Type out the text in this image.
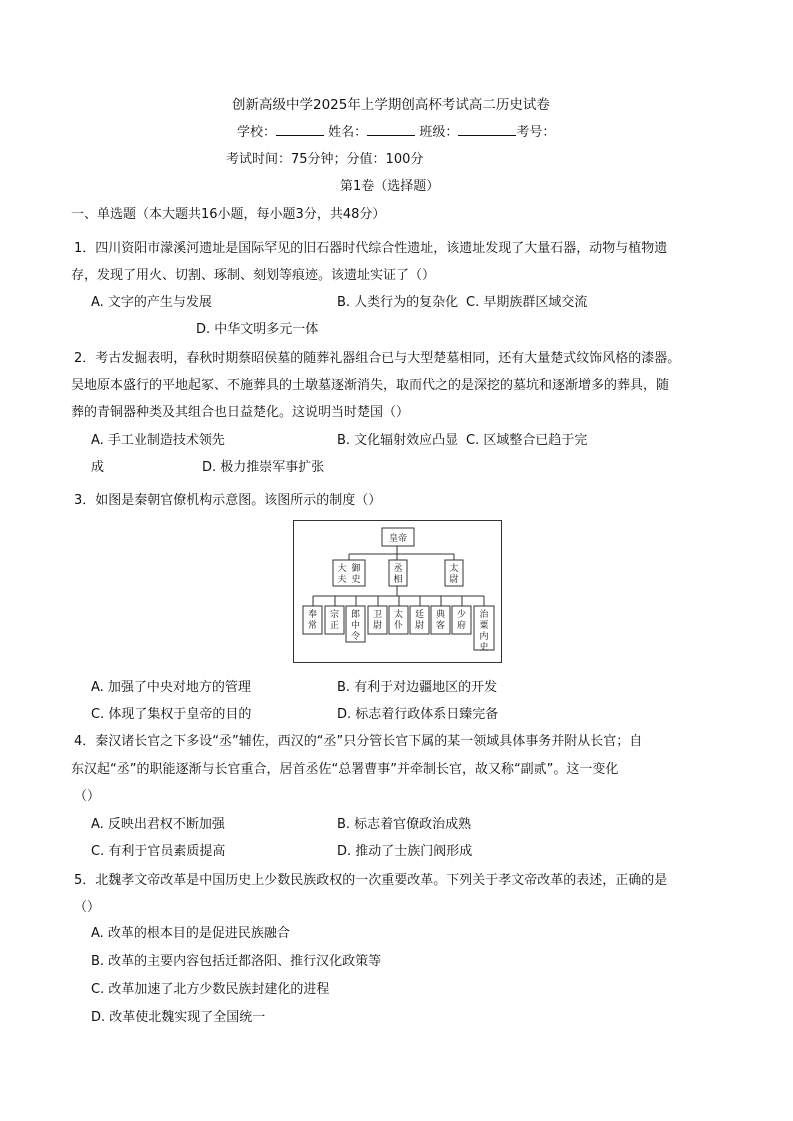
创新高级中学2025年上学期创高杯考试高二历史试卷
学校：	姓名：	班级：	考号：
考试时间：75分钟；分值：100分
第1卷（选择题）
一、单选题（本大题共16小题，每小题3分，共48分）
1．四川资阳市濛溪河遗址是国际罕见的旧石器时代综合性遗址，该遗址发现了大量石器，动物与植物遗
存，发现了用火、切割、琢制、刻划等痕迹。该遗址实证了（）
A. 文字的产生与发展	B. 人类行为的复杂化 C. 早期族群区域交流
D. 中华文明多元一体
2．考古发掘表明，春秋时期蔡昭侯墓的随葬礼器组合已与大型楚墓相同，还有大量楚式纹饰风格的漆器。
吴地原本盛行的平地起冢、不施葬具的土墩墓逐渐消失，取而代之的是深挖的墓坑和逐渐增多的葬具，随
葬的青铜器种类及其组合也日益楚化。这说明当时楚国（）
A. 手工业制造技术领先	B. 文化辐射效应凸显 C. 区域整合已趋于完
成	D. 极力推崇军事扩张
3．如图是秦朝官僚机构示意图。该图所示的制度（）
皇帝
大夫御史
丞相
太尉
奉常
宗正
郎中令
卫尉
太仆
廷尉
典客
少府
治粟内史
A. 加强了中央对地方的管理	B. 有利于对边疆地区的开发
C. 体现了集权于皇帝的目的	D. 标志着行政体系日臻完备
4．秦汉诸长官之下多设“丞”辅佐，西汉的“丞”只分管长官下属的某一领域具体事务并附从长官；自
东汉起“丞”的职能逐渐与长官重合，居首丞佐“总署曹事”并牵制长官，故又称“副贰”。这一变化
（）
A. 反映出君权不断加强	B. 标志着官僚政治成熟
C. 有利于官员素质提高	D. 推动了士族门阀形成
5．北魏孝文帝改革是中国历史上少数民族政权的一次重要改革。下列关于孝文帝改革的表述，正确的是
（）
A. 改革的根本目的是促进民族融合
B. 改革的主要内容包括迁都洛阳、推行汉化政策等
C. 改革加速了北方少数民族封建化的进程
D. 改革使北魏实现了全国统一
